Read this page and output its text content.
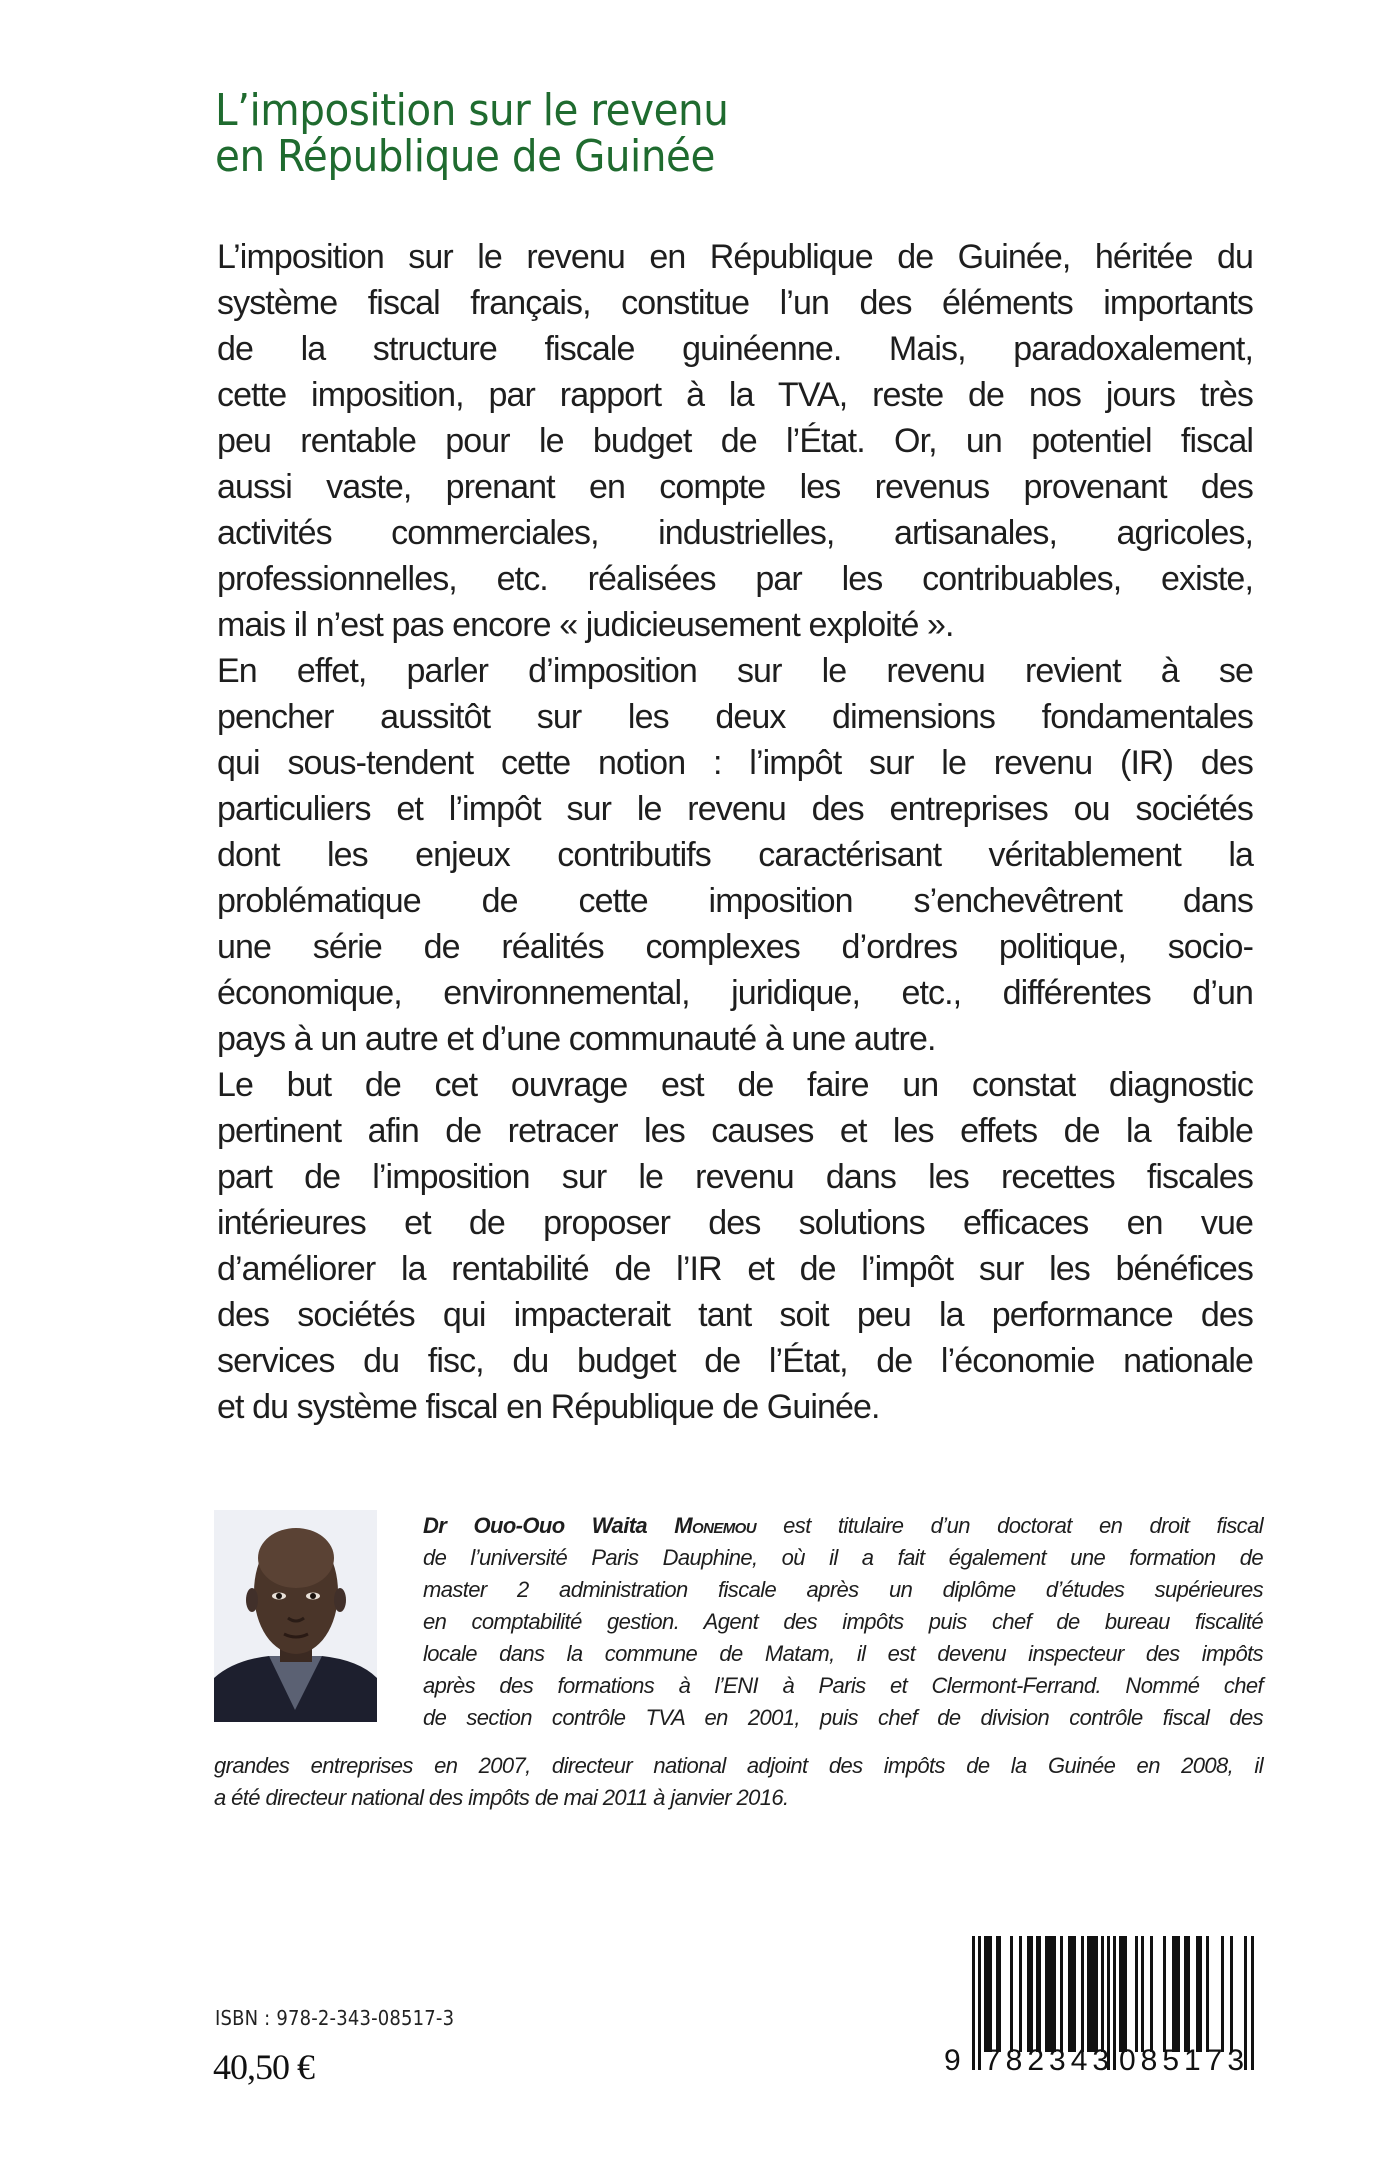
L’imposition sur le revenu
en République de Guinée
L’imposition sur le revenu en République de Guinée, héritée du
système fiscal français, constitue l’un des éléments importants
de la structure fiscale guinéenne. Mais, paradoxalement,
cette imposition, par rapport à la TVA, reste de nos jours très
peu rentable pour le budget de l’État. Or, un potentiel fiscal
aussi vaste, prenant en compte les revenus provenant des
activités commerciales, industrielles, artisanales, agricoles,
professionnelles, etc. réalisées par les contribuables, existe,
mais il n’est pas encore « judicieusement exploité ».
En effet, parler d’imposition sur le revenu revient à se
pencher aussitôt sur les deux dimensions fondamentales
qui sous-tendent cette notion : l’impôt sur le revenu (IR) des
particuliers et l’impôt sur le revenu des entreprises ou sociétés
dont les enjeux contributifs caractérisant véritablement la
problématique de cette imposition s’enchevêtrent dans
une série de réalités complexes d’ordres politique, socio-
économique, environnemental, juridique, etc., différentes d’un
pays à un autre et d’une communauté à une autre.
Le but de cet ouvrage est de faire un constat diagnostic
pertinent afin de retracer les causes et les effets de la faible
part de l’imposition sur le revenu dans les recettes fiscales
intérieures et de proposer des solutions efficaces en vue
d’améliorer la rentabilité de l’IR et de l’impôt sur les bénéfices
des sociétés qui impacterait tant soit peu la performance des
services du fisc, du budget de l’État, de l’économie nationale
et du système fiscal en République de Guinée.
Dr Ouo-Ouo Waita Monemou est titulaire d’un doctorat en droit fiscal
de l’université Paris Dauphine, où il a fait également une formation de
master 2 administration fiscale après un diplôme d’études supérieures
en comptabilité gestion. Agent des impôts puis chef de bureau fiscalité
locale dans la commune de Matam, il est devenu inspecteur des impôts
après des formations à l’ENI à Paris et Clermont-Ferrand. Nommé chef
de section contrôle TVA en 2001, puis chef de division contrôle fiscal des
grandes entreprises en 2007, directeur national adjoint des impôts de la Guinée en 2008, il
a été directeur national des impôts de mai 2011 à janvier 2016.
ISBN : 978-2-343-08517-3
40,50 €	9 782343 085173
